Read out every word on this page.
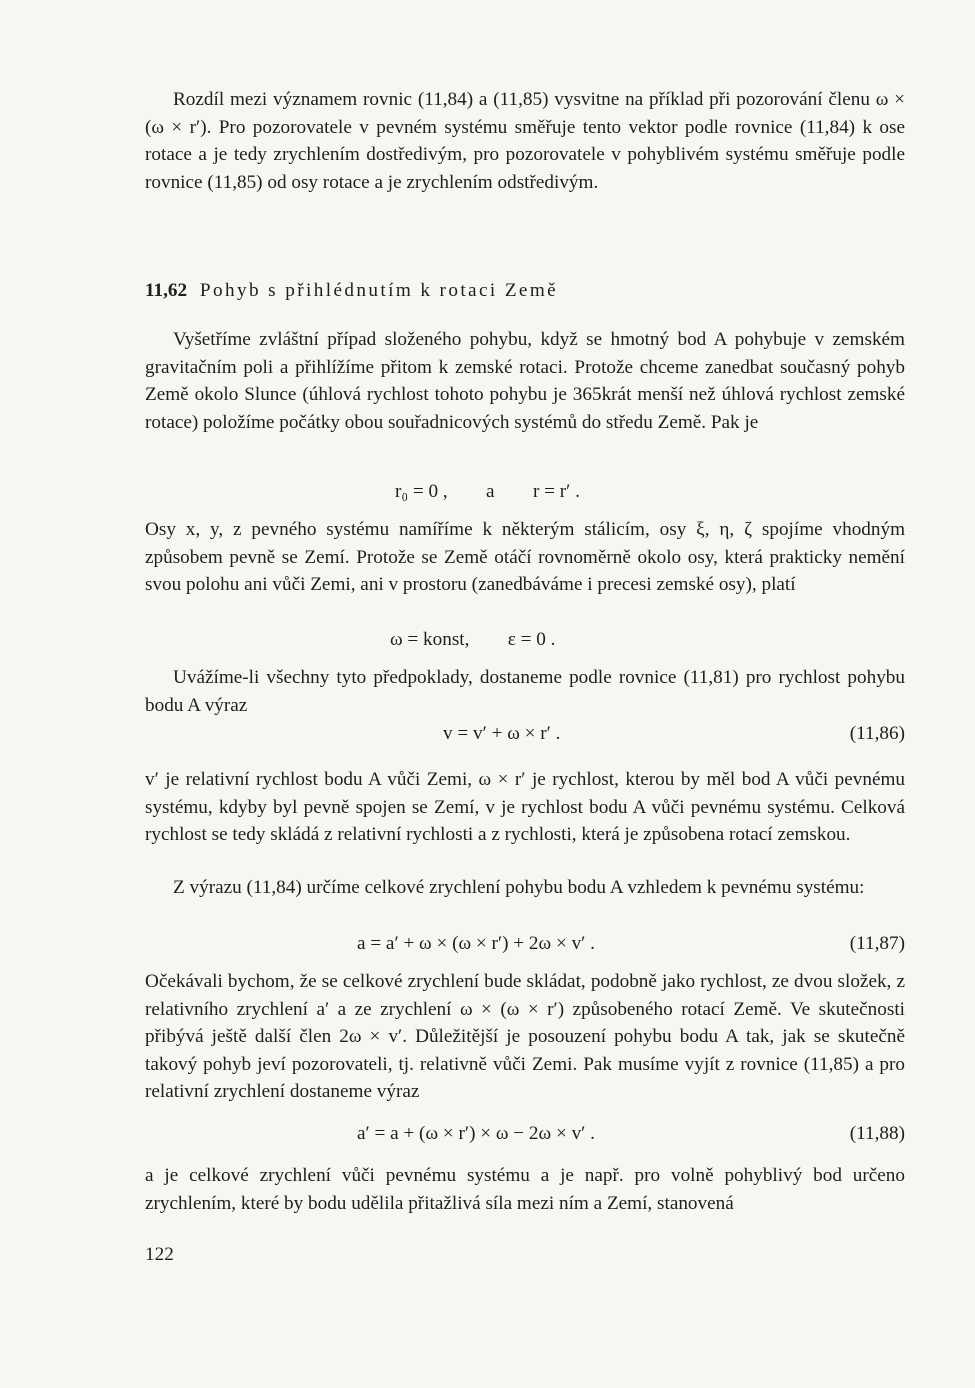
Rozdíl mezi významem rovnic (11,84) a (11,85) vysvitne na příklad při pozorování členu ω × (ω × r′). Pro pozorovatele v pevném systému směřuje tento vektor podle rovnice (11,84) k ose rotace a je tedy zrychlením dostředivým, pro pozorovatele v pohyblivém systému směřuje podle rovnice (11,85) od osy rotace a je zrychlením odstředivým.

11,62 Pohyb s přihlédnutím k rotaci Země

Vyšetříme zvláštní případ složeného pohybu, když se hmotný bod A pohybuje v zemském gravitačním poli a přihlížíme přitom k zemské rotaci. Protože chceme zanedbat současný pohyb Země okolo Slunce (úhlová rychlost tohoto pohybu je 365krát menší než úhlová rychlost zemské rotace) položíme počátky obou souřadnicových systémů do středu Země. Pak je

r₀ = 0 ,        a        r = r′ .

Osy x, y, z pevného systému namíříme k některým stálicím, osy ξ, η, ζ spojíme vhodným způsobem pevně se Zemí. Protože se Země otáčí rovnoměrně okolo osy, která prakticky nemění svou polohu ani vůči Zemi, ani v prostoru (zanedbáváme i precesi zemské osy), platí

ω = konst,        ε = 0 .

Uvážíme-li všechny tyto předpoklady, dostaneme podle rovnice (11,81) pro rychlost pohybu bodu A výraz

v = v′ + ω × r′ .	(11,86)

v′ je relativní rychlost bodu A vůči Zemi, ω × r′ je rychlost, kterou by měl bod A vůči pevnému systému, kdyby byl pevně spojen se Zemí, v je rychlost bodu A vůči pevnému systému. Celková rychlost se tedy skládá z relativní rychlosti a z rychlosti, která je způsobena rotací zemskou.

Z výrazu (11,84) určíme celkové zrychlení pohybu bodu A vzhledem k pevnému systému:

a = a′ + ω × (ω × r′) + 2ω × v′ .	(11,87)

Očekávali bychom, že se celkové zrychlení bude skládat, podobně jako rychlost, ze dvou složek, z relativního zrychlení a′ a ze zrychlení ω × (ω × r′) způsobeného rotací Země. Ve skutečnosti přibývá ještě další člen 2ω × v′. Důležitější je posouzení pohybu bodu A tak, jak se skutečně takový pohyb jeví pozorovateli, tj. relativně vůči Zemi. Pak musíme vyjít z rovnice (11,85) a pro relativní zrychlení dostaneme výraz

a′ = a + (ω × r′) × ω − 2ω × v′ .	(11,88)

a je celkové zrychlení vůči pevnému systému a je např. pro volně pohyblivý bod určeno zrychlením, které by bodu udělila přitažlivá síla mezi ním a Zemí, stanovená

122
